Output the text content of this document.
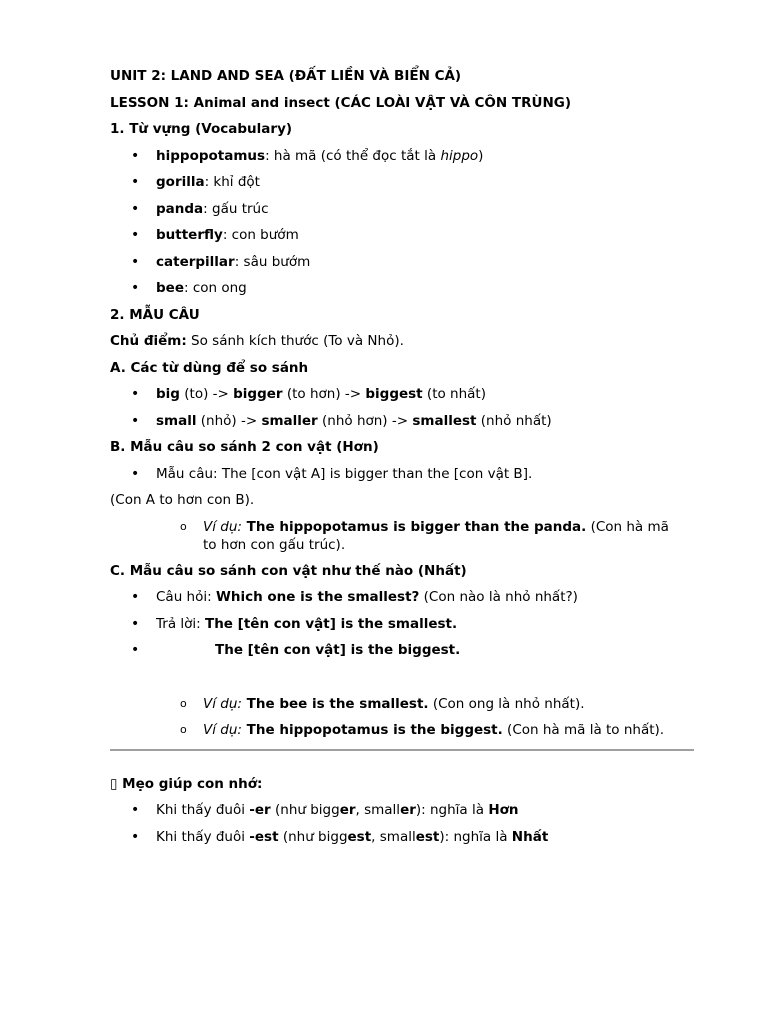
UNIT 2: LAND AND SEA (ĐẤT LIỀN VÀ BIỂN CẢ)
LESSON 1: Animal and insect (CÁC LOÀI VẬT VÀ CÔN TRÙNG)
1. Từ vựng (Vocabulary)
• hippopotamus: hà mã (có thể đọc tắt là hippo)
• gorilla: khỉ đột
• panda: gấu trúc
• butterfly: con bướm
• caterpillar: sâu bướm
• bee: con ong
2. MẪU CÂU
Chủ điểm: So sánh kích thước (To và Nhỏ).
A. Các từ dùng để so sánh
• big (to) -> bigger (to hơn) -> biggest (to nhất)
• small (nhỏ) -> smaller (nhỏ hơn) -> smallest (nhỏ nhất)
B. Mẫu câu so sánh 2 con vật (Hơn)
• Mẫu câu: The [con vật A] is bigger than the [con vật B].
(Con A to hơn con B).
o Ví dụ: The hippopotamus is bigger than the panda. (Con hà mã
to hơn con gấu trúc).
C. Mẫu câu so sánh con vật như thế nào (Nhất)
• Câu hỏi: Which one is the smallest? (Con nào là nhỏ nhất?)
• Trả lời: The [tên con vật] is the smallest.
•	The [tên con vật] is the biggest.
o Ví dụ: The bee is the smallest. (Con ong là nhỏ nhất).
o Ví dụ: The hippopotamus is the biggest. (Con hà mã là to nhất).
▯ Mẹo giúp con nhớ:
• Khi thấy đuôi -er (như bigger, smaller): nghĩa là Hơn
• Khi thấy đuôi -est (như biggest, smallest): nghĩa là Nhất
